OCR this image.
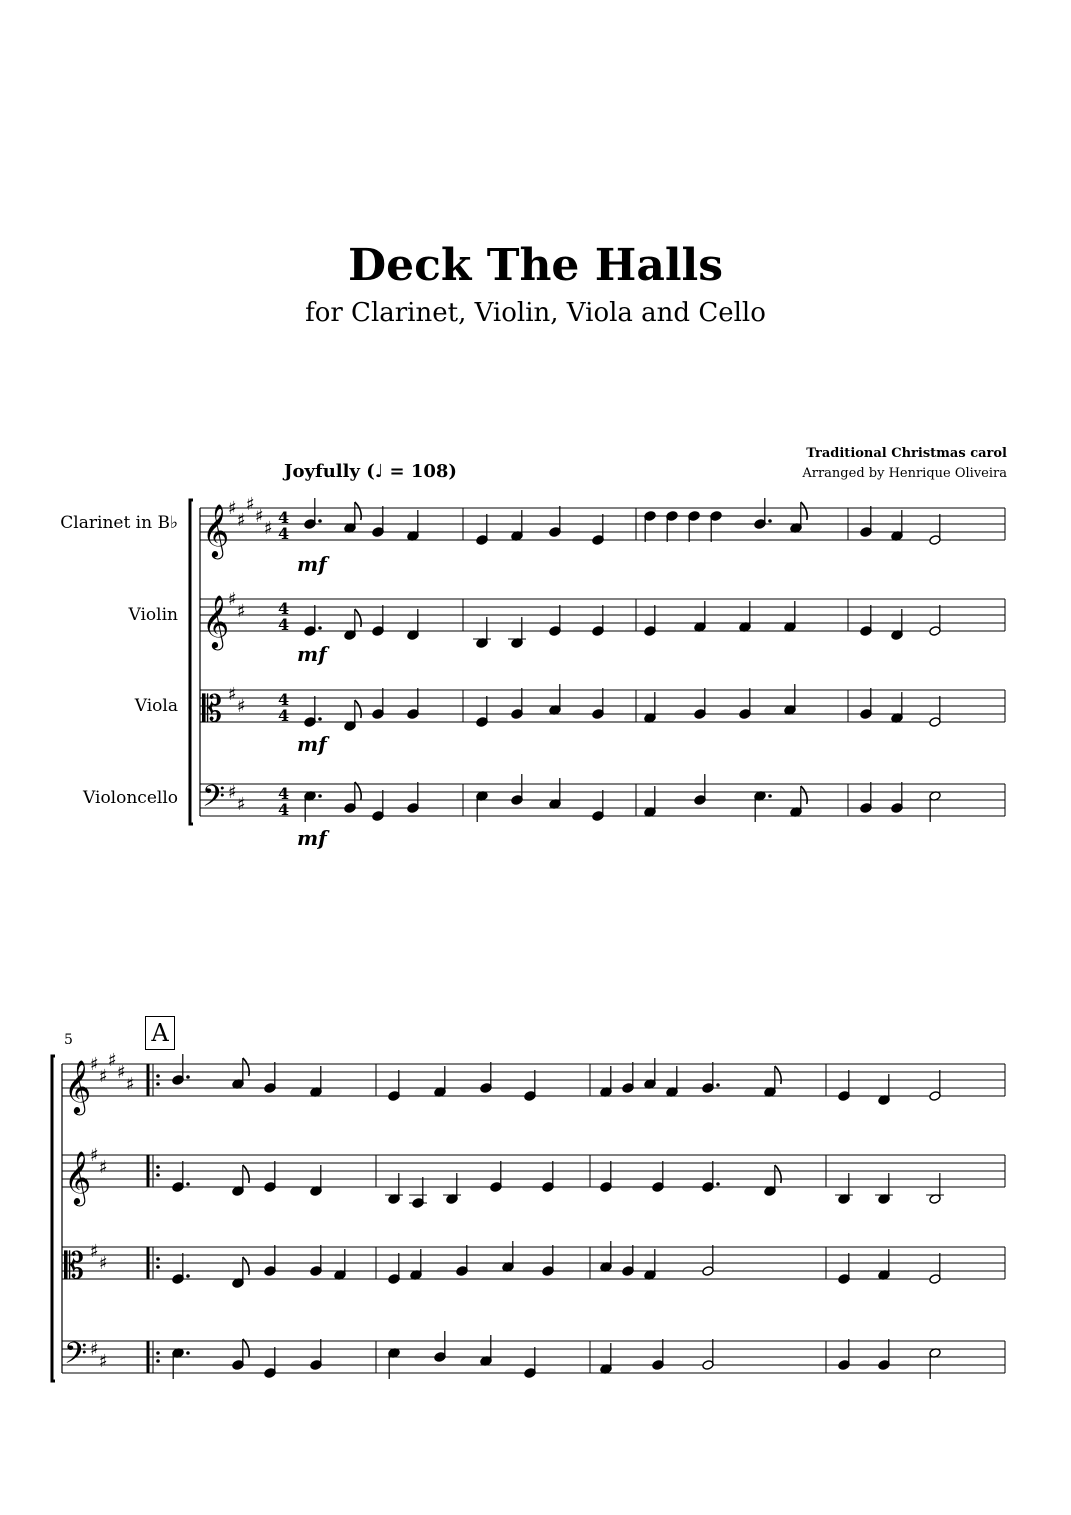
Deck The Halls
for Clarinet, Violin, Viola and Cello
Traditional Christmas carol
Arranged by Henrique Oliveira
Joyfully (♩ = 108)
Clarinet in B♭
Violin
Viola
Violoncello
mf
mf
mf
mf
5	A
𝄞
♯
♯
♯
♯
♯
4
4
𝄞
♯
♯ 4
4
𝄡 ♯
♯ 4
4
𝄢 ♯
♯
4
4
𝄞
♯
♯
♯
♯
♯
𝄞
♯
♯
𝄡 ♯
♯
𝄢 ♯
♯
